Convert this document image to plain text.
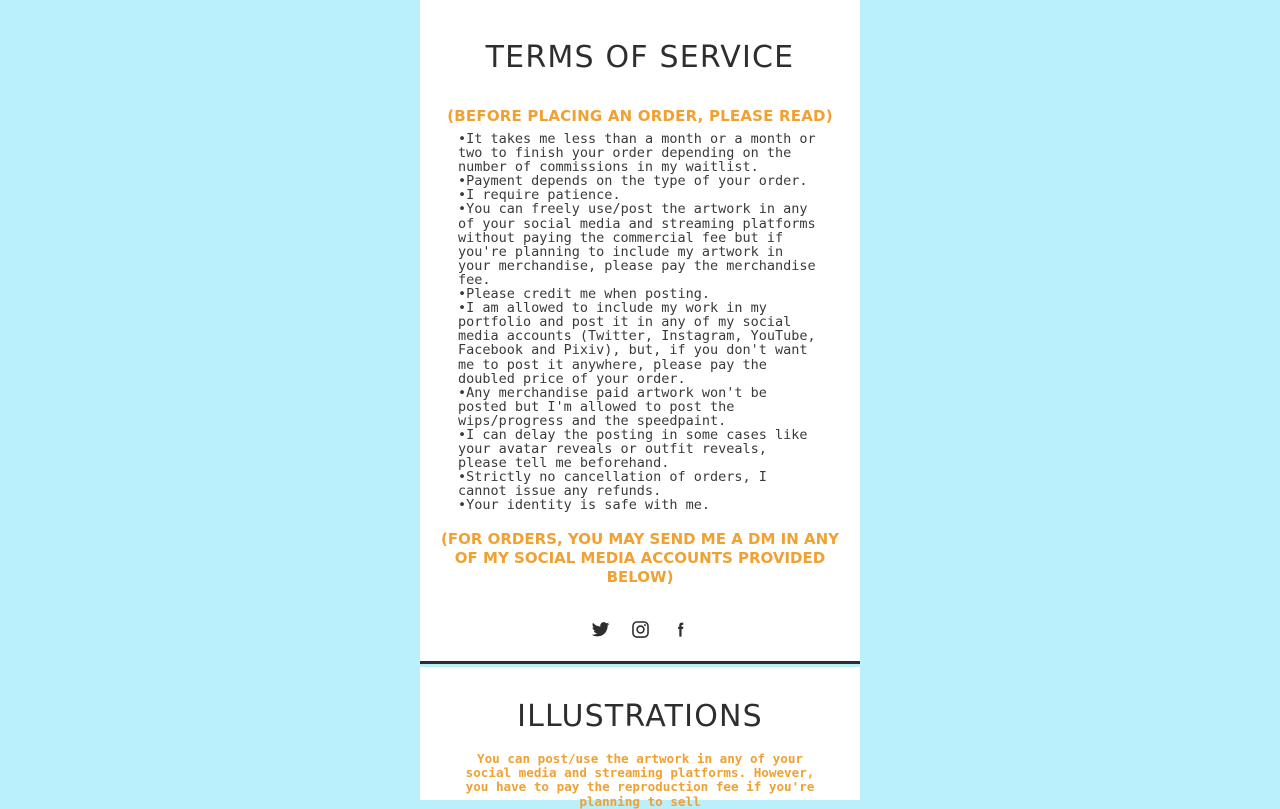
TERMS OF SERVICE

(BEFORE PLACING AN ORDER, PLEASE READ)

• It takes me less than a month or a month or two to finish your order depending on the number of commissions in my waitlist.
• Payment depends on the type of your order.
• I require patience.
• You can freely use/post the artwork in any of your social media and streaming platforms without paying the commercial fee but if you're planning to include my artwork in your merchandise, please pay the merchandise fee.
• Please credit me when posting.
• I am allowed to include my work in my portfolio and post it in any of my social media accounts (Twitter, Instagram, YouTube, Facebook and Pixiv), but, if you don't want me to post it anywhere, please pay the doubled price of your order.
• Any merchandise paid artwork won't be posted but I'm allowed to post the wips/progress and the speedpaint.
• I can delay the posting in some cases like your avatar reveals or outfit reveals, please tell me beforehand.
• Strictly no cancellation of orders, I cannot issue any refunds.
• Your identity is safe with me.
(FOR ORDERS, YOU MAY SEND ME A DM IN ANY OF MY SOCIAL MEDIA ACCOUNTS PROVIDED BELOW)
ILLUSTRATIONS
You can post/use the artwork in any of your social media and streaming platforms. However, you have to pay the reproduction fee if you're planning to sell
